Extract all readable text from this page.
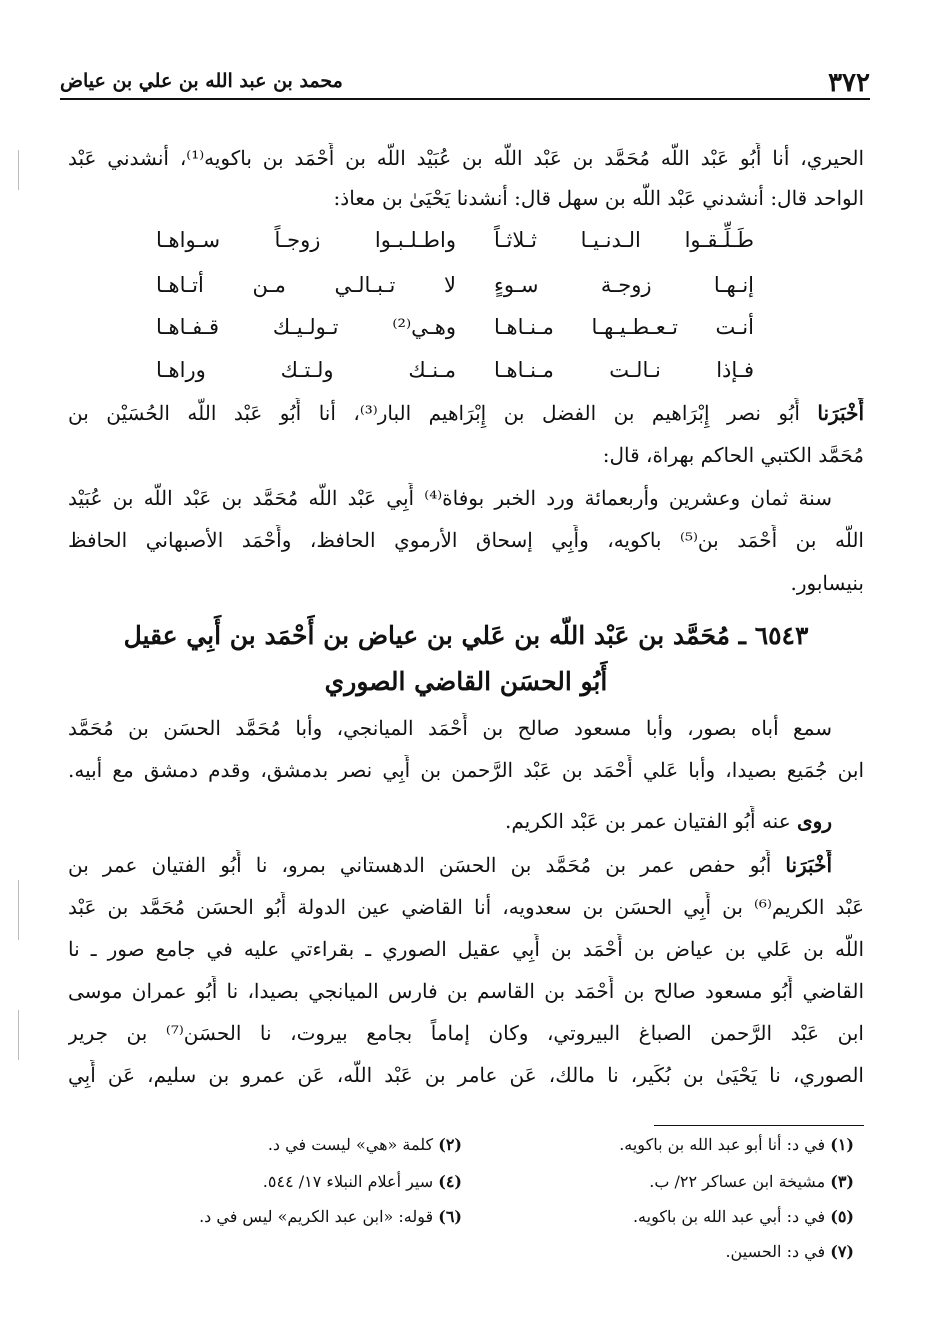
٣٧٢
محمد بن عبد الله بن علي بن عياض
الحيري، أنا أَبُو عَبْد اللّه مُحَمَّد بن عَبْد اللّه بن عُبَيْد اللّه بن أَحْمَد بن باكويه⁽¹⁾، أنشدني عَبْد
الواحد قال: أنشدني عَبْد اللّه بن سهل قال: أنشدنا يَحْيَىٰ بن معاذ:
طَـلِّـقـوا الـدنـيـا ثـلاثـاً
واطـلـبـوا زوجـاً سـواهـا
إنـهـا زوجـة سـوءٍ
لا تـبـالـي مـن أتـاهـا
أنـت تـعـطـيـهـا مـنـاهـا
وهـي⁽²⁾ تـولـيـك قـفـاهـا
فـإذا نـالـت مـنـاهـا
مـنـك ولـتـك وراهـا
أَخْبَرَنا أَبُو نصر إِبْرَاهيم بن الفضل بن إِبْرَاهيم البار⁽³⁾، أنا أَبُو عَبْد اللّه الحُسَيْن بن
مُحَمَّد الكتبي الحاكم بهراة، قال:
سنة ثمان وعشرين وأربعمائة ورد الخبر بوفاة⁽⁴⁾ أَبِي عَبْد اللّه مُحَمَّد بن عَبْد اللّه بن عُبَيْد
اللّه بن أَحْمَد بن⁽⁵⁾ باكويه، وأَبِي إسحاق الأرموي الحافظ، وأَحْمَد الأصبهاني الحافظ
بنيسابور.
٦٥٤٣ ـ مُحَمَّد بن عَبْد اللّه بن عَلي بن عياض بن أَحْمَد بن أَبِي عقيل
أَبُو الحسَن القاضي الصوري
سمع أباه بصور، وأبا مسعود صالح بن أَحْمَد الميانجي، وأبا مُحَمَّد الحسَن بن مُحَمَّد
ابن جُمَيع بصيدا، وأبا عَلي أَحْمَد بن عَبْد الرَّحمن بن أَبِي نصر بدمشق، وقدم دمشق مع أبيه.
روى عنه أَبُو الفتيان عمر بن عَبْد الكريم.
أَخْبَرَنا أَبُو حفص عمر بن مُحَمَّد بن الحسَن الدهستاني بمرو، نا أَبُو الفتيان عمر بن
عَبْد الكريم⁽⁶⁾ بن أَبِي الحسَن بن سعدويه، أنا القاضي عين الدولة أَبُو الحسَن مُحَمَّد بن عَبْد
اللّه بن عَلي بن عياض بن أَحْمَد بن أَبِي عقيل الصوري ـ بقراءتي عليه في جامع صور ـ نا
القاضي أَبُو مسعود صالح بن أَحْمَد بن القاسم بن فارس الميانجي بصيدا، نا أَبُو عمران موسى
ابن عَبْد الرَّحمن الصباغ البيروتي، وكان إماماً بجامع بيروت، نا الحسَن⁽⁷⁾ بن جرير
الصوري، نا يَحْيَىٰ بن بُكَير، نا مالك، عَن عامر بن عَبْد اللّه، عَن عمرو بن سليم، عَن أَبِي
(١) في د: أنا أبو عبد الله بن باكويه.
(٢) كلمة «هي» ليست في د.
(٣) مشيخة ابن عساكر ٢٢/ ب.
(٤) سير أعلام النبلاء ١٧/ ٥٤٤.
(٥) في د: أبي عبد الله بن باكويه.
(٦) قوله: «ابن عبد الكريم» ليس في د.
(٧) في د: الحسين.
